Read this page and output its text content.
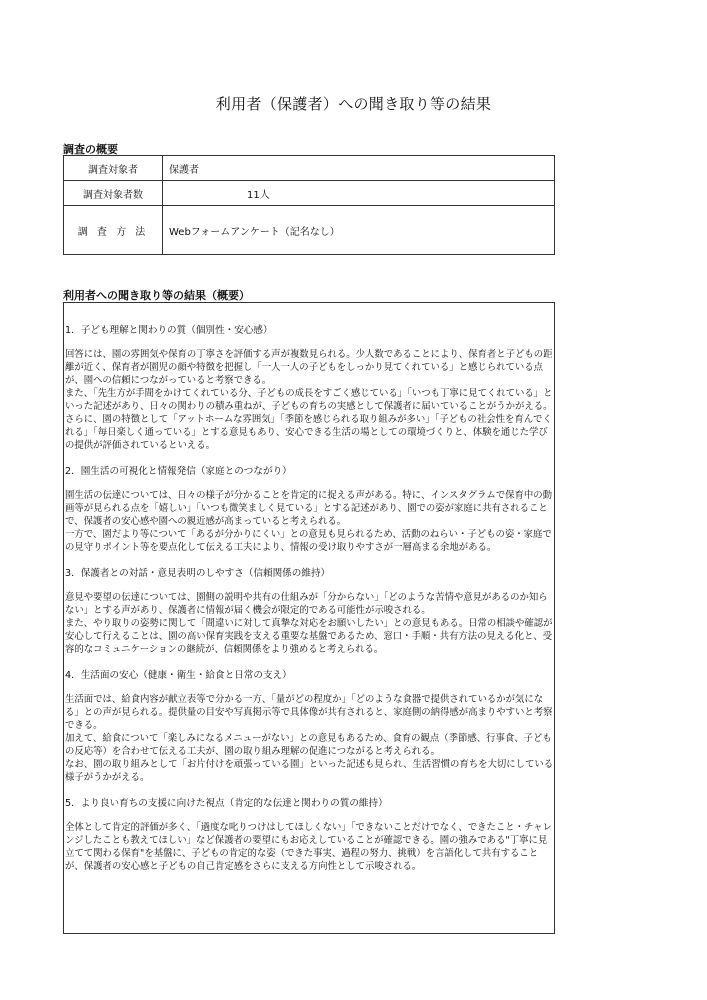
利用者（保護者）への聞き取り等の結果
調査の概要
調査対象者	保護者
調査対象者数	11人
調 査 方 法	Webフォームアンケート（記名なし）
利用者への聞き取り等の結果（概要）
1．子ども理解と関わりの質（個別性・安心感）

回答には、園の雰囲気や保育の丁寧さを評価する声が複数見られる。少人数であることにより、保育者と子どもの距離が近く、保育者が園児の顔や特徴を把握し「一人一人の子どもをしっかり見てくれている」と感じられている点が、園への信頼につながっていると考察できる。

また、「先生方が手間をかけてくれている分、子どもの成長をすごく感じている」「いつも丁寧に見てくれている」といった記述があり、日々の関わりの積み重ねが、子どもの育ちの実感として保護者に届いていることがうかがえる。

さらに、園の特徴として「アットホームな雰囲気」「季節を感じられる取り組みが多い」「子どもの社会性を育んでくれる」「毎日楽しく通っている」とする意見もあり、安心できる生活の場としての環境づくりと、体験を通じた学びの提供が評価されているといえる。

2．園生活の可視化と情報発信（家庭とのつながり）

園生活の伝達については、日々の様子が分かることを肯定的に捉える声がある。特に、インスタグラムで保育中の動画等が見られる点を「嬉しい」「いつも微笑ましく見ている」とする記述があり、園での姿が家庭に共有されることで、保護者の安心感や園への親近感が高まっていると考えられる。

一方で、園だより等について「あるが分かりにくい」との意見も見られるため、活動のねらい・子どもの姿・家庭での見守りポイント等を要点化して伝える工夫により、情報の受け取りやすさが一層高まる余地がある。

3．保護者との対話・意見表明のしやすさ（信頼関係の維持）

意見や要望の伝達については、園側の説明や共有の仕組みが「分からない」「どのような苦情や意見があるのか知らない」とする声があり、保護者に情報が届く機会が限定的である可能性が示唆される。

また、やり取りの姿勢に関して「間違いに対して真摯な対応をお願いしたい」との意見もある。日常の相談や確認が安心して行えることは、園の高い保育実践を支える重要な基盤であるため、窓口・手順・共有方法の見える化と、受容的なコミュニケーションの継続が、信頼関係をより強めると考えられる。

4．生活面の安心（健康・衛生・給食と日常の支え）

生活面では、給食内容が献立表等で分かる一方、「量がどの程度か」「どのような食器で提供されているかが気になる」との声が見られる。提供量の目安や写真掲示等で具体像が共有されると、家庭側の納得感が高まりやすいと考察できる。

加えて、給食について「楽しみになるメニューがない」との意見もあるため、食育の観点（季節感、行事食、子どもの反応等）を合わせて伝える工夫が、園の取り組み理解の促進につながると考えられる。

なお、園の取り組みとして「お片付けを頑張っている園」といった記述も見られ、生活習慣の育ちを大切にしている様子がうかがえる。

5．より良い育ちの支援に向けた視点（肯定的な伝達と関わりの質の維持）

全体として肯定的評価が多く、「過度な叱りつけはしてほしくない」「できないことだけでなく、できたこと・チャレンジしたことも教えてほしい」など保護者の要望にもお応えしていることが確認できる。園の強みである"丁寧に見立てて関わる保育"を基盤に、子どもの肯定的な姿（できた事実、過程の努力、挑戦）を言語化して共有することが、保護者の安心感と子どもの自己肯定感をさらに支える方向性として示唆される。
